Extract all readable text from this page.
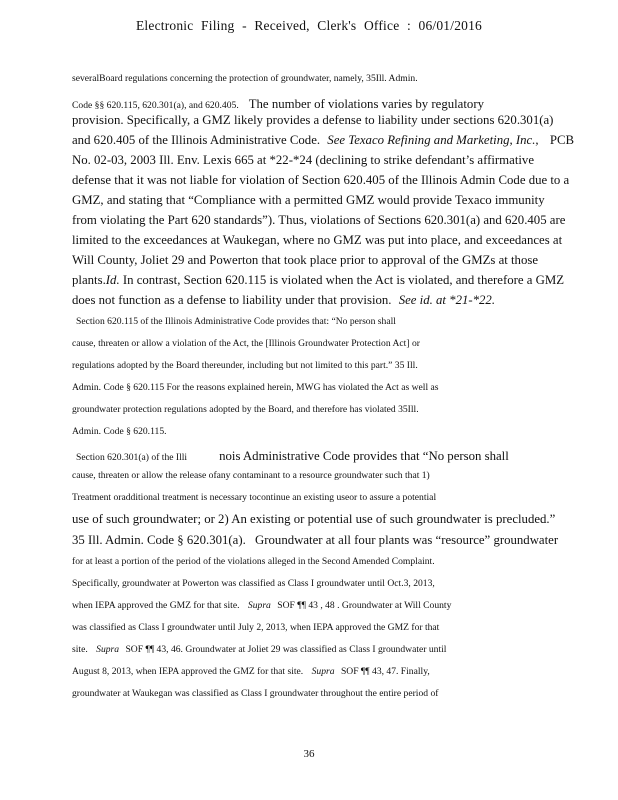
Electronic Filing - Received, Clerk's Office : 06/01/2016
severalBoard regulations concerning the protection of groundwater, namely, 35Ill. Admin.
Code §§ 620.115, 620.301(a), and 620.405. The number of violations varies by regulatory
provision. Specifically, a GMZ likely provides a defense to liability under sections 620.301(a)
and 620.405 of the Illinois Administrative Code. See Texaco Refining and Marketing, Inc., PCB
No. 02-03, 2003 Ill. Env. Lexis 665 at *22-*24 (declining to strike defendant’s affirmative
defense that it was not liable for violation of Section 620.405 of the Illinois Admin Code due to a
GMZ, and stating that “Compliance with a permitted GMZ would provide Texaco immunity
from violating the Part 620 standards”). Thus, violations of Sections 620.301(a) and 620.405 are
limited to the exceedances at Waukegan, where no GMZ was put into place, and exceedances at
Will County, Joliet 29 and Powerton that took place prior to approval of the GMZs at those
plants.Id. In contrast, Section 620.115 is violated when the Act is violated, and therefore a GMZ
does not function as a defense to liability under that provision. See id. at *21-*22.
Section 620.115 of the Illinois Administrative Code provides that: “No person shall
cause, threaten or allow a violation of the Act, the [Illinois Groundwater Protection Act] or
regulations adopted by the Board thereunder, including but not limited to this part.” 35 Ill.
Admin. Code § 620.115 For the reasons explained herein, MWG has violated the Act as well as
groundwater protection regulations adopted by the Board, and therefore has violated 35Ill.
Admin. Code § 620.115.
Section 620.301(a) of the Illi	nois Administrative Code provides that “No person shall
cause, threaten or allow the release ofany contaminant to a resource groundwater such that 1)
Treatment oradditional treatment is necessary tocontinue an existing useor to assure a potential
use of such groundwater; or 2) An existing or potential use of such groundwater is precluded.”
35 Ill. Admin. Code § 620.301(a). Groundwater at all four plants was “resource” groundwater
for at least a portion of the period of the violations alleged in the Second Amended Complaint.
Specifically, groundwater at Powerton was classified as Class I groundwater until Oct.3, 2013,
when IEPA approved the GMZ for that site. Supra SOF ¶¶ 43 , 48 . Groundwater at Will County
was classified as Class I groundwater until July 2, 2013, when IEPA approved the GMZ for that
site. Supra SOF ¶¶ 43, 46. Groundwater at Joliet 29 was classified as Class I groundwater until
August 8, 2013, when IEPA approved the GMZ for that site. Supra SOF ¶¶ 43, 47. Finally,
groundwater at Waukegan was classified as Class I groundwater throughout the entire period of
36
